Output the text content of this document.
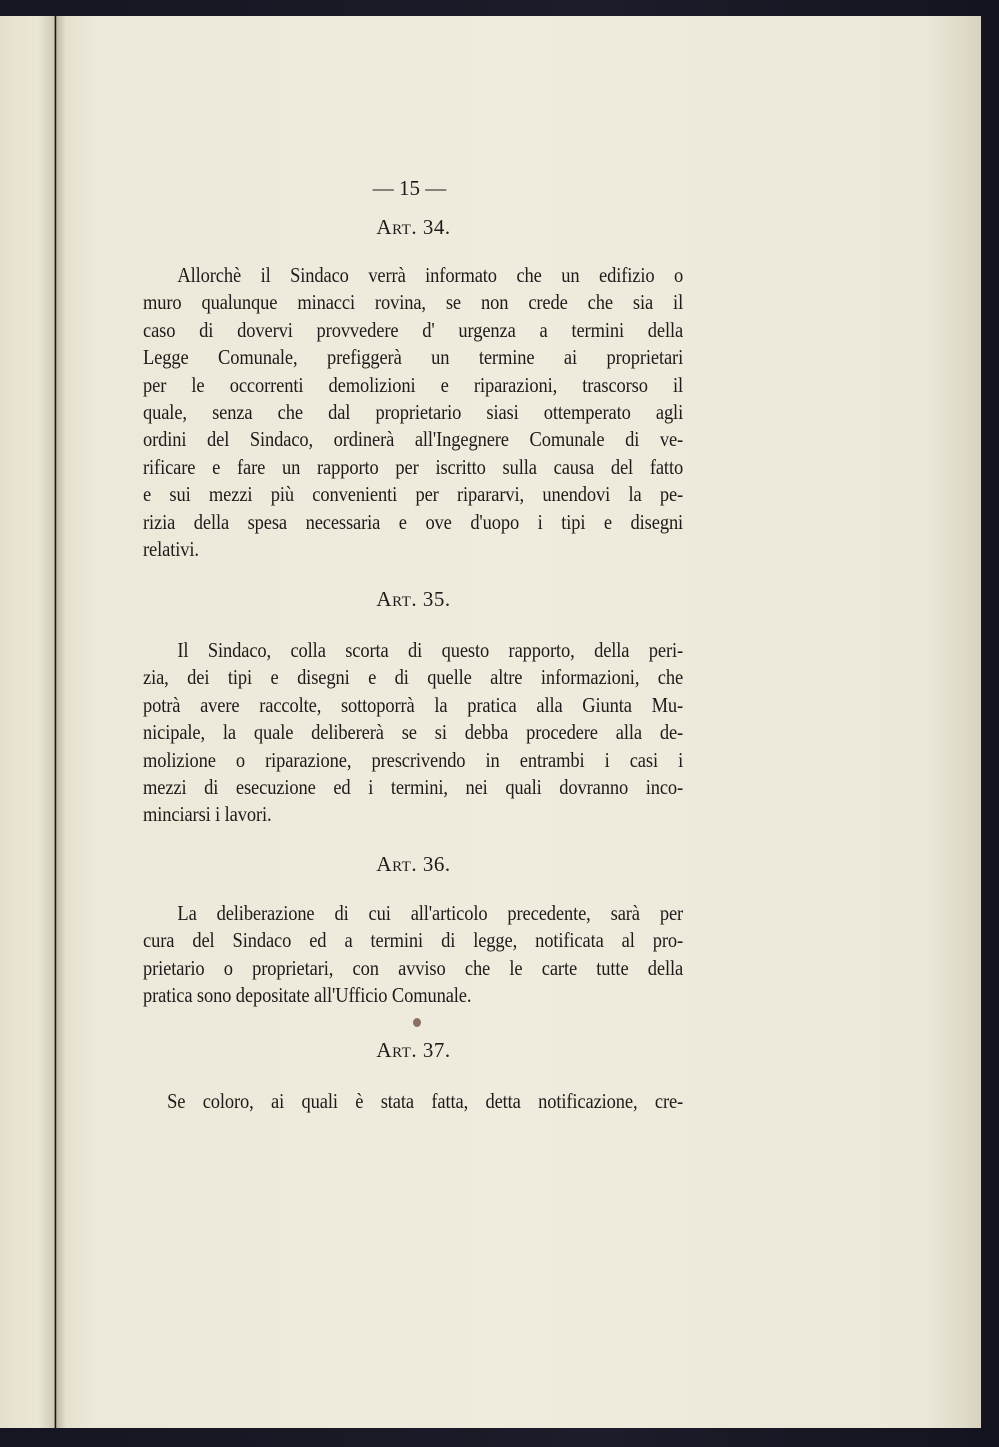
— 15 —
Art. 34.
Allorchè il Sindaco verrà informato che un edifizio o
muro qualunque minacci rovina, se non crede che sia il
caso di dovervi provvedere d' urgenza a termini della
Legge Comunale, prefiggerà un termine ai proprietari
per le occorrenti demolizioni e riparazioni, trascorso il
quale, senza che dal proprietario siasi ottemperato agli
ordini del Sindaco, ordinerà all'Ingegnere Comunale di ve-
rificare e fare un rapporto per iscritto sulla causa del fatto
e sui mezzi più convenienti per ripararvi, unendovi la pe-
rizia della spesa necessaria e ove d'uopo i tipi e disegni
relativi.
Art. 35.
Il Sindaco, colla scorta di questo rapporto, della peri-
zia, dei tipi e disegni e di quelle altre informazioni, che
potrà avere raccolte, sottoporrà la pratica alla Giunta Mu-
nicipale, la quale delibererà se si debba procedere alla de-
molizione o riparazione, prescrivendo in entrambi i casi i
mezzi di esecuzione ed i termini, nei quali dovranno inco-
minciarsi i lavori.
Art. 36.
La deliberazione di cui all'articolo precedente, sarà per
cura del Sindaco ed a termini di legge, notificata al pro-
prietario o proprietari, con avviso che le carte tutte della
pratica sono depositate all'Ufficio Comunale.
Art. 37.
Se coloro, ai quali è stata fatta, detta notificazione, cre-
